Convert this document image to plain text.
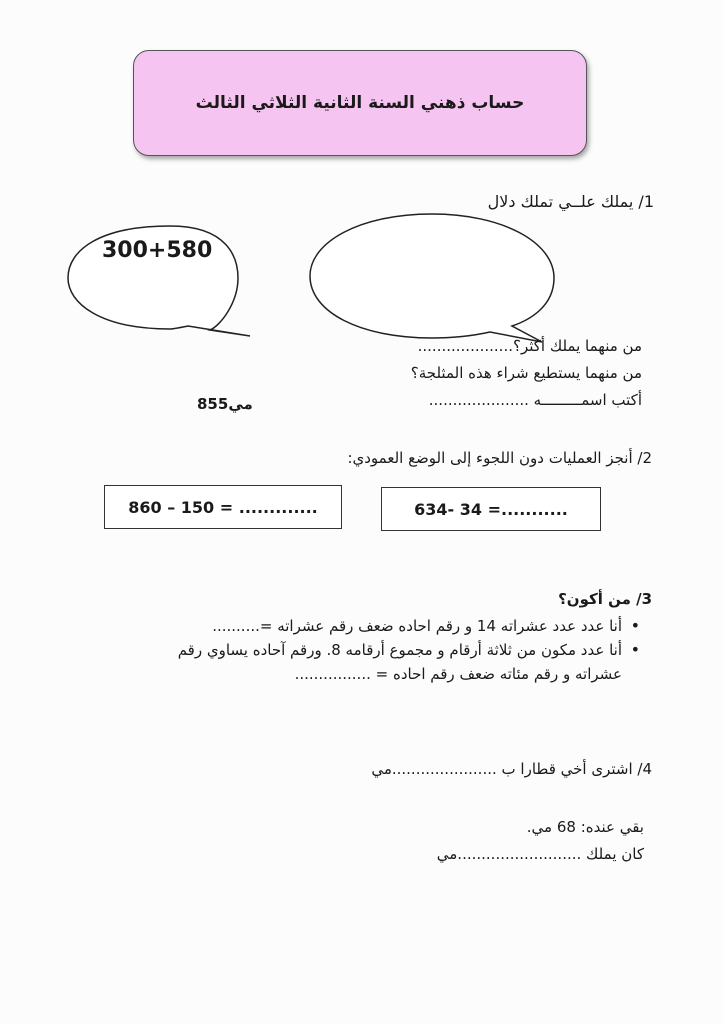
حساب ذهني السنة الثانية الثلاثي الثالث
1/ يملك علــي تملك دلال
300+580
من منهما يملك أكثر؟....................
من منهما يستطيع شراء هذه المثلجة؟
أكتب اسمـــــــــه .....................
855مي
2/ أنجز العمليات دون اللجوء إلى الوضع العمودي:
860 – 150 = .............	634- 34 =...........
3/ من أكون؟
• أنا عدد عدد عشراته 14 و رقم احاده ضعف رقم عشراته =..........
• أنا عدد مكون من ثلاثة أرقام و مجموع أرقامه 8. ورقم آحاده يساوي رقم
عشراته و رقم مئاته ضعف رقم احاده = ................
4/ اشترى أخي قطارا ب ......................مي
بقي عنده: 68 مي.
كان يملك ..........................مي
